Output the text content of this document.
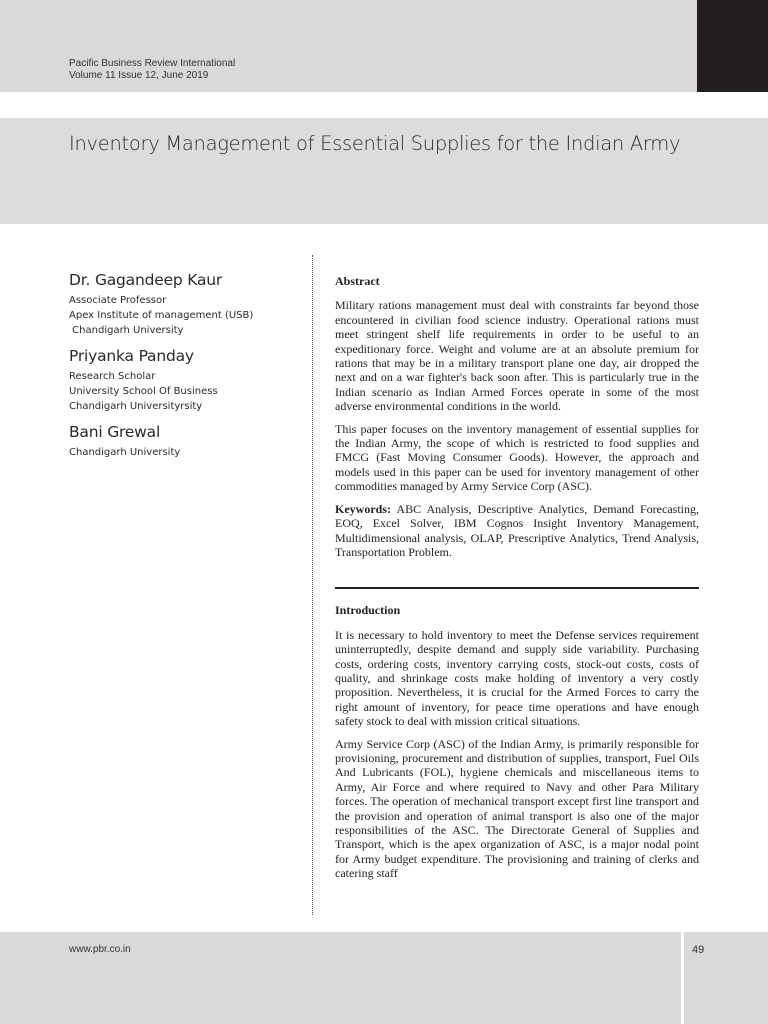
Pacific Business Review International
Volume 11 Issue 12, June 2019
Inventory Management of Essential Supplies for the Indian Army
Dr. Gagandeep Kaur
Associate Professor
Apex Institute of management (USB)
Chandigarh University
Priyanka Panday
Research Scholar
University School Of Business
Chandigarh Universityrsity
Bani Grewal
Chandigarh University
Abstract

Military rations management must deal with constraints far beyond those encountered in civilian food science industry. Operational rations must meet stringent shelf life requirements in order to be useful to an expeditionary force. Weight and volume are at an absolute premium for rations that may be in a military transport plane one day, air dropped the next and on a war fighter's back soon after. This is particularly true in the Indian scenario as Indian Armed Forces operate in some of the most adverse environmental conditions in the world.

This paper focuses on the inventory management of essential supplies for the Indian Army, the scope of which is restricted to food supplies and FMCG (Fast Moving Consumer Goods). However, the approach and models used in this paper can be used for inventory management of other commodities managed by Army Service Corp (ASC).

Keywords: ABC Analysis, Descriptive Analytics, Demand Forecasting, EOQ, Excel Solver, IBM Cognos Insight Inventory Management, Multidimensional analysis, OLAP, Prescriptive Analytics, Trend Analysis, Transportation Problem.

Introduction

It is necessary to hold inventory to meet the Defense services requirement uninterruptedly, despite demand and supply side variability. Purchasing costs, ordering costs, inventory carrying costs, stock-out costs, costs of quality, and shrinkage costs make holding of inventory a very costly proposition. Nevertheless, it is crucial for the Armed Forces to carry the right amount of inventory, for peace time operations and have enough safety stock to deal with mission critical situations.

Army Service Corp (ASC) of the Indian Army, is primarily responsible for provisioning, procurement and distribution of supplies, transport, Fuel Oils And Lubricants (FOL), hygiene chemicals and miscellaneous items to Army, Air Force and where required to Navy and other Para Military forces. The operation of mechanical transport except first line transport and the provision and operation of animal transport is also one of the major responsibilities of the ASC. The Directorate General of Supplies and Transport, which is the apex organization of ASC, is a major nodal point for Army budget expenditure. The provisioning and training of clerks and catering staff

www.pbr.co.in	49
